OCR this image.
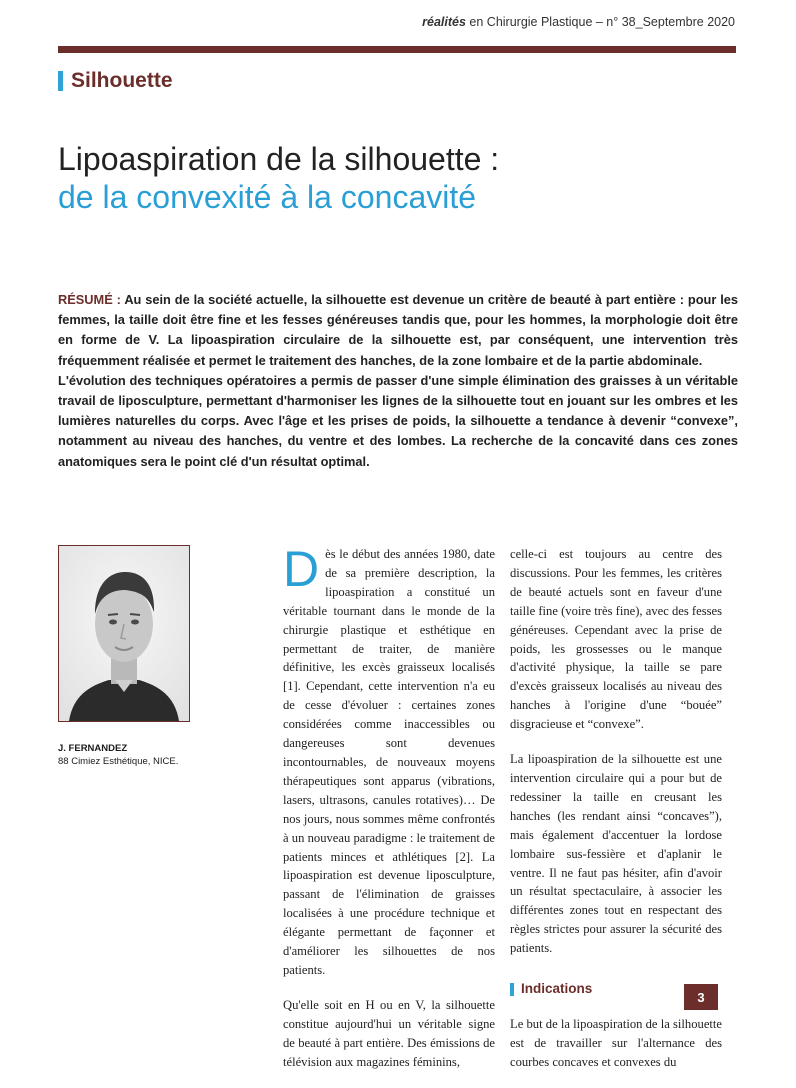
réalités en Chirurgie Plastique – n° 38_Septembre 2020
Silhouette
Lipoaspiration de la silhouette :
de la convexité à la concavité

RÉSUMÉ : Au sein de la société actuelle, la silhouette est devenue un critère de beauté à part entière : pour les femmes, la taille doit être fine et les fesses généreuses tandis que, pour les hommes, la morphologie doit être en forme de V. La lipoaspiration circulaire de la silhouette est, par conséquent, une intervention très fréquemment réalisée et permet le traitement des hanches, de la zone lombaire et de la partie abdominale.

L'évolution des techniques opératoires a permis de passer d'une simple élimination des graisses à un véritable travail de liposculpture, permettant d'harmoniser les lignes de la silhouette tout en jouant sur les ombres et les lumières naturelles du corps. Avec l'âge et les prises de poids, la silhouette a tendance à devenir “convexe”, notamment au niveau des hanches, du ventre et des lombes. La recherche de la concavité dans ces zones anatomiques sera le point clé d'un résultat optimal.

J. FERNANDEZ
88 Cimiez Esthétique, NICE.

Dès le début des années 1980, date de sa première description, la lipoaspiration a constitué un véritable tournant dans le monde de la chirurgie plastique et esthétique en permettant de traiter, de manière définitive, les excès graisseux localisés [1]. Cependant, cette intervention n'a eu de cesse d'évoluer : certaines zones considérées comme inaccessibles ou dangereuses sont devenues incontournables, de nouveaux moyens thérapeutiques sont apparus (vibrations, lasers, ultrasons, canules rotatives)… De nos jours, nous sommes même confrontés à un nouveau paradigme : le traitement de patients minces et athlétiques [2]. La lipoaspiration est devenue liposculpture, passant de l'élimination de graisses localisées à une procédure technique et élégante permettant de façonner et d'améliorer les silhouettes de nos patients.

Qu'elle soit en H ou en V, la silhouette constitue aujourd'hui un véritable signe de beauté à part entière. Des émissions de télévision aux magazines féminins,

celle-ci est toujours au centre des discussions. Pour les femmes, les critères de beauté actuels sont en faveur d'une taille fine (voire très fine), avec des fesses généreuses. Cependant avec la prise de poids, les grossesses ou le manque d'activité physique, la taille se pare d'excès graisseux localisés au niveau des hanches à l'origine d'une “bouée” disgracieuse et “convexe”.

La lipoaspiration de la silhouette est une intervention circulaire qui a pour but de redessiner la taille en creusant les hanches (les rendant ainsi “concaves”), mais également d'accentuer la lordose lombaire sus-fessière et d'aplanir le ventre. Il ne faut pas hésiter, afin d'avoir un résultat spectaculaire, à associer les différentes zones tout en respectant des règles strictes pour assurer la sécurité des patients.

Indications

Le but de la lipoaspiration de la silhouette est de travailler sur l'alternance des courbes concaves et convexes du

3
